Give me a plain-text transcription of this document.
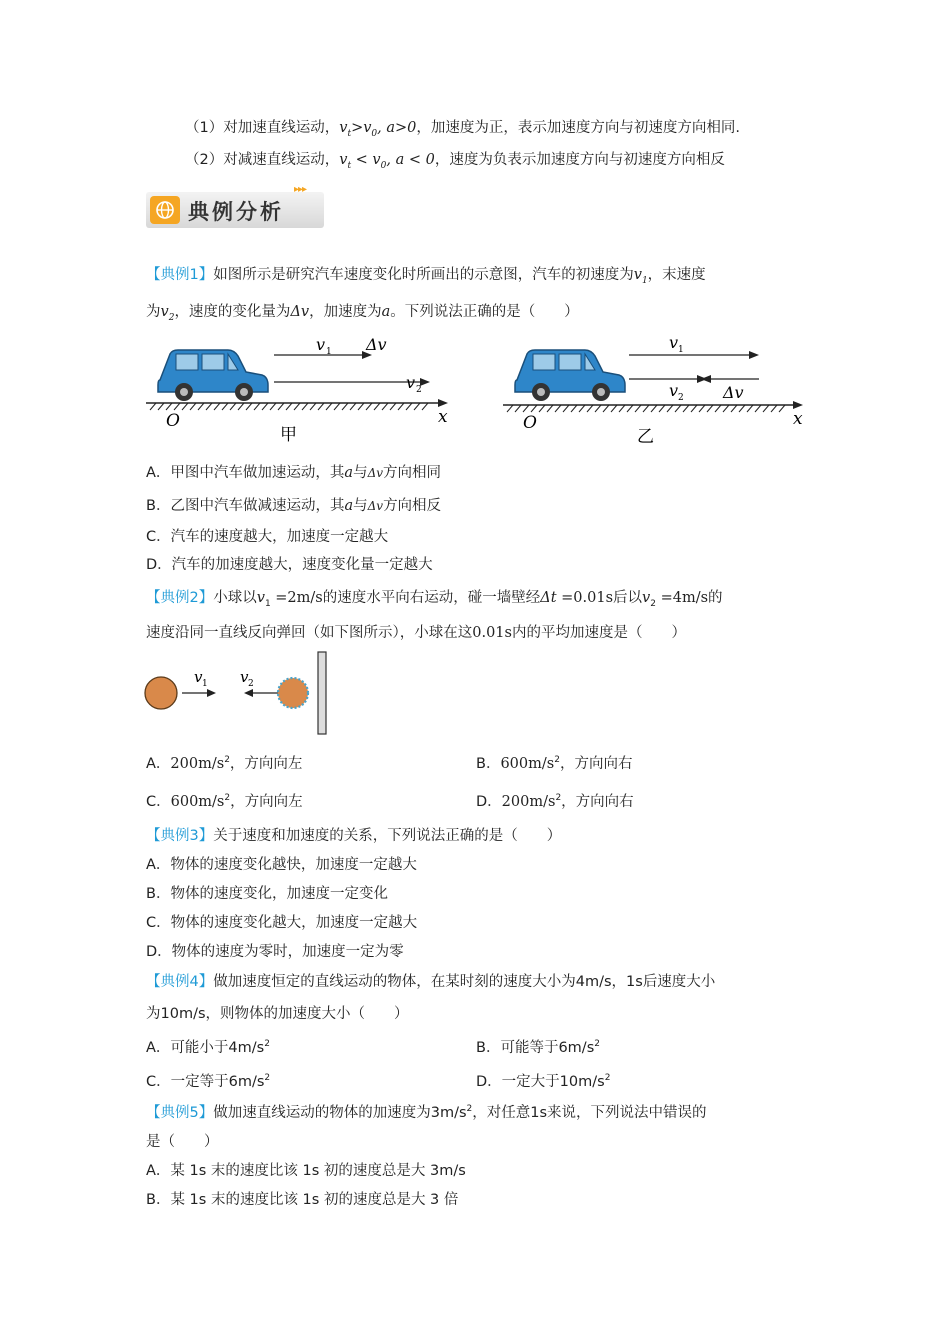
（1）对加速直线运动，$v_t>v_0$, a>0，加速度为正，表示加速度方向与初速度方向相同.
（2）对减速直线运动，$v_t < v_0$, a < 0，速度为负表示加速度方向与初速度方向相反
典例分析
▸▸▸
【典例1】如图所示是研究汽车速度变化时所画出的示意图，汽车的初速度为$v_1$，末速度
为$v_2$，速度的变化量为Δv，加速度为a。下列说法正确的是（　　）
v 1 Δv
v 2
O	x
甲
v 1
v 2 Δv
O	x
乙
A．甲图中汽车做加速运动，其a与Δv方向相同
B．乙图中汽车做减速运动，其a与Δv方向相反
C．汽车的速度越大，加速度一定越大
D．汽车的加速度越大，速度变化量一定越大
【典例2】小球以$v_1 =2m/s$的速度水平向右运动，碰一墙壁经Δt =0.01s后以$v_2 =4m/s$的
速度沿同一直线反向弹回（如下图所示），小球在这0.01s内的平均加速度是（　　）
v 1 v 2
A．$200m/s^2$，方向向左	B．$600m/s^2$，方向向右
C．$600m/s^2$，方向向左	D．$200m/s^2$，方向向右
【典例3】关于速度和加速度的关系，下列说法正确的是（　　）
A．物体的速度变化越快，加速度一定越大
B．物体的速度变化，加速度一定变化
C．物体的速度变化越大，加速度一定越大
D．物体的速度为零时，加速度一定为零
【典例4】做加速度恒定的直线运动的物体，在某时刻的速度大小为4m/s，1s后速度大小
为10m/s，则物体的加速度大小（　　）
A．可能小于$4m/s^2$	B．可能等于$6m/s^2$
C．一定等于$6m/s^2$	D．一定大于$10m/s^2$
【典例5】做加速直线运动的物体的加速度为$3m/s^2$，对任意1s来说，下列说法中错误的
是（　　）
A．某 1s 末的速度比该 1s 初的速度总是大 3m/s
B．某 1s 末的速度比该 1s 初的速度总是大 3 倍
